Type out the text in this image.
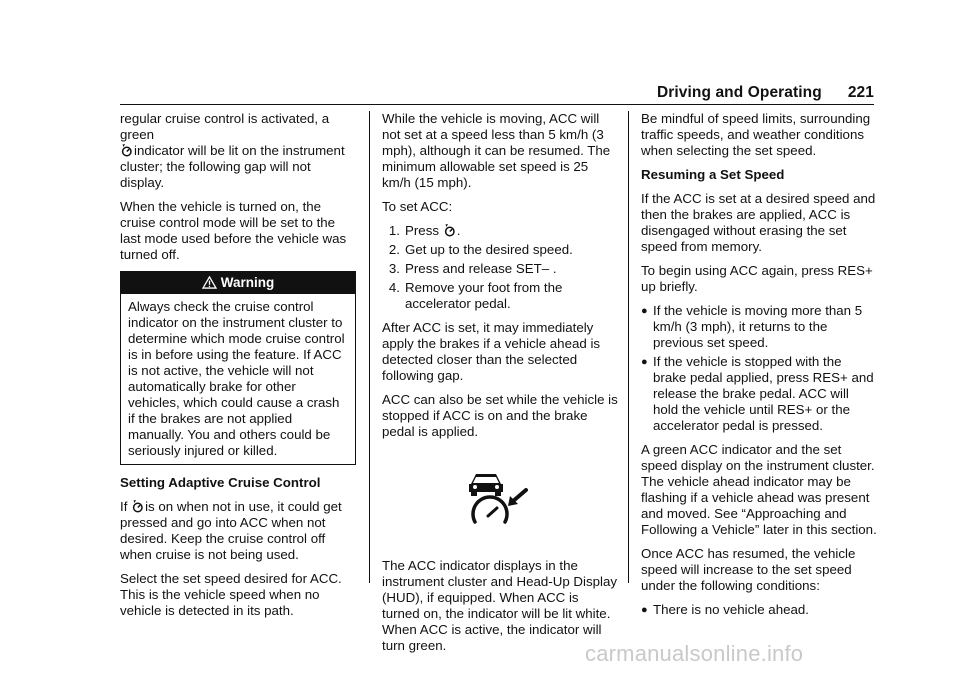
Driving and Operating 221

regular cruise control is activated, a green
indicator will be lit on the instrument cluster; the following gap will not display.

When the vehicle is turned on, the cruise control mode will be set to the last mode used before the vehicle was turned off.

Warning
Always check the cruise control indicator on the instrument cluster to determine which mode cruise control is in before using the feature. If ACC is not active, the vehicle will not automatically brake for other vehicles, which could cause a crash if the brakes are not applied manually. You and others could be seriously injured or killed.

Setting Adaptive Cruise Control

If is on when not in use, it could get pressed and go into ACC when not desired. Keep the cruise control off when cruise is not being used.

Select the set speed desired for ACC. This is the vehicle speed when no vehicle is detected in its path.

While the vehicle is moving, ACC will not set at a speed less than 5 km/h (3 mph), although it can be resumed. The minimum allowable set speed is 25 km/h (15 mph).

To set ACC:

1. Press .
2. Get up to the desired speed.
3. Press and release SET– .
4. Remove your foot from the accelerator pedal.

After ACC is set, it may immediately apply the brakes if a vehicle ahead is detected closer than the selected following gap.

ACC can also be set while the vehicle is stopped if ACC is on and the brake pedal is applied.

The ACC indicator displays in the instrument cluster and Head-Up Display (HUD), if equipped. When ACC is turned on, the indicator will be lit white. When ACC is active, the indicator will turn green.

Be mindful of speed limits, surrounding traffic speeds, and weather conditions when selecting the set speed.

Resuming a Set Speed

If the ACC is set at a desired speed and then the brakes are applied, ACC is disengaged without erasing the set speed from memory.

To begin using ACC again, press RES+ up briefly.

● If the vehicle is moving more than 5 km/h (3 mph), it returns to the previous set speed.
● If the vehicle is stopped with the brake pedal applied, press RES+ and release the brake pedal. ACC will hold the vehicle until RES+ or the accelerator pedal is pressed.

A green ACC indicator and the set speed display on the instrument cluster. The vehicle ahead indicator may be flashing if a vehicle ahead was present and moved. See “Approaching and Following a Vehicle” later in this section.

Once ACC has resumed, the vehicle speed will increase to the set speed under the following conditions:

● There is no vehicle ahead.
carmanualsonline.info
